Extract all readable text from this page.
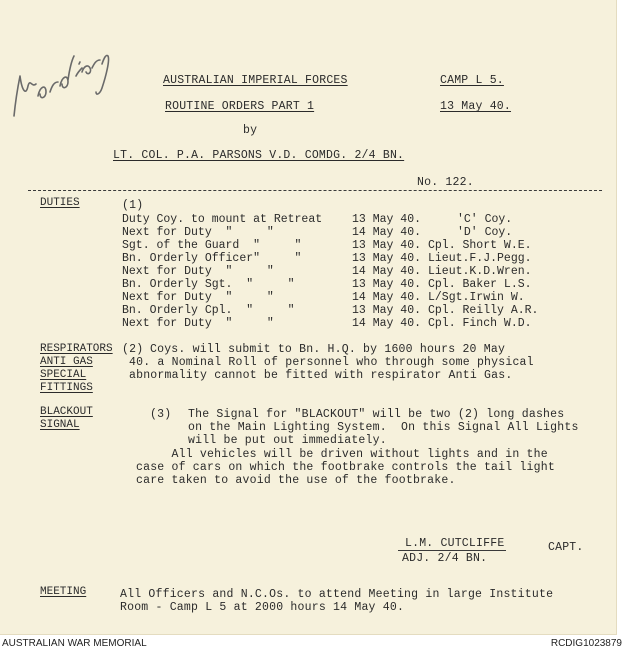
AUSTRALIAN IMPERIAL FORCES	CAMP L 5.
ROUTINE ORDERS PART 1	13 May 40.
by
LT. COL. P.A. PARSONS V.D. COMDG. 2/4 BN.
No. 122.
DUTIES	(1)
Duty Coy. to mount at Retreat	13 May 40.	'C' Coy.
Next for Duty  "     "	14 May 40.	'D' Coy.
Sgt. of the Guard  "     "	13 May 40. Cpl. Short W.E.
Bn. Orderly Officer"     "	13 May 40. Lieut.F.J.Pegg.
Next for Duty  "     "	14 May 40. Lieut.K.D.Wren.
Bn. Orderly Sgt.  "     "	13 May 40. Cpl. Baker L.S.
Next for Duty  "     "	14 May 40. L/Sgt.Irwin W.
Bn. Orderly Cpl.  "     "	13 May 40. Cpl. Reilly A.R.
Next for Duty  "     "	14 May 40. Cpl. Finch W.D.
RESPIRATORS
ANTI GAS
SPECIAL
FITTINGS
(2) Coys. will submit to Bn. H.Q. by 1600 hours 20 May
40. a Nominal Roll of personnel who through some physical
abnormality cannot be fitted with respirator Anti Gas.
BLACKOUT
SIGNAL
(3) The Signal for "BLACKOUT" will be two (2) long dashes
on the Main Lighting System.  On this Signal All Lights
will be put out immediately.
All vehicles will be driven without lights and in the
case of cars on which the footbrake controls the tail light
care taken to avoid the use of the footbrake.
L.M. CUTCLIFFE	CAPT.
ADJ. 2/4 BN.
MEETING	All Officers and N.C.Os. to attend Meeting in large Institute
Room - Camp L 5 at 2000 hours 14 May 40.
AUSTRALIAN WAR MEMORIAL	RCDIG1023879
